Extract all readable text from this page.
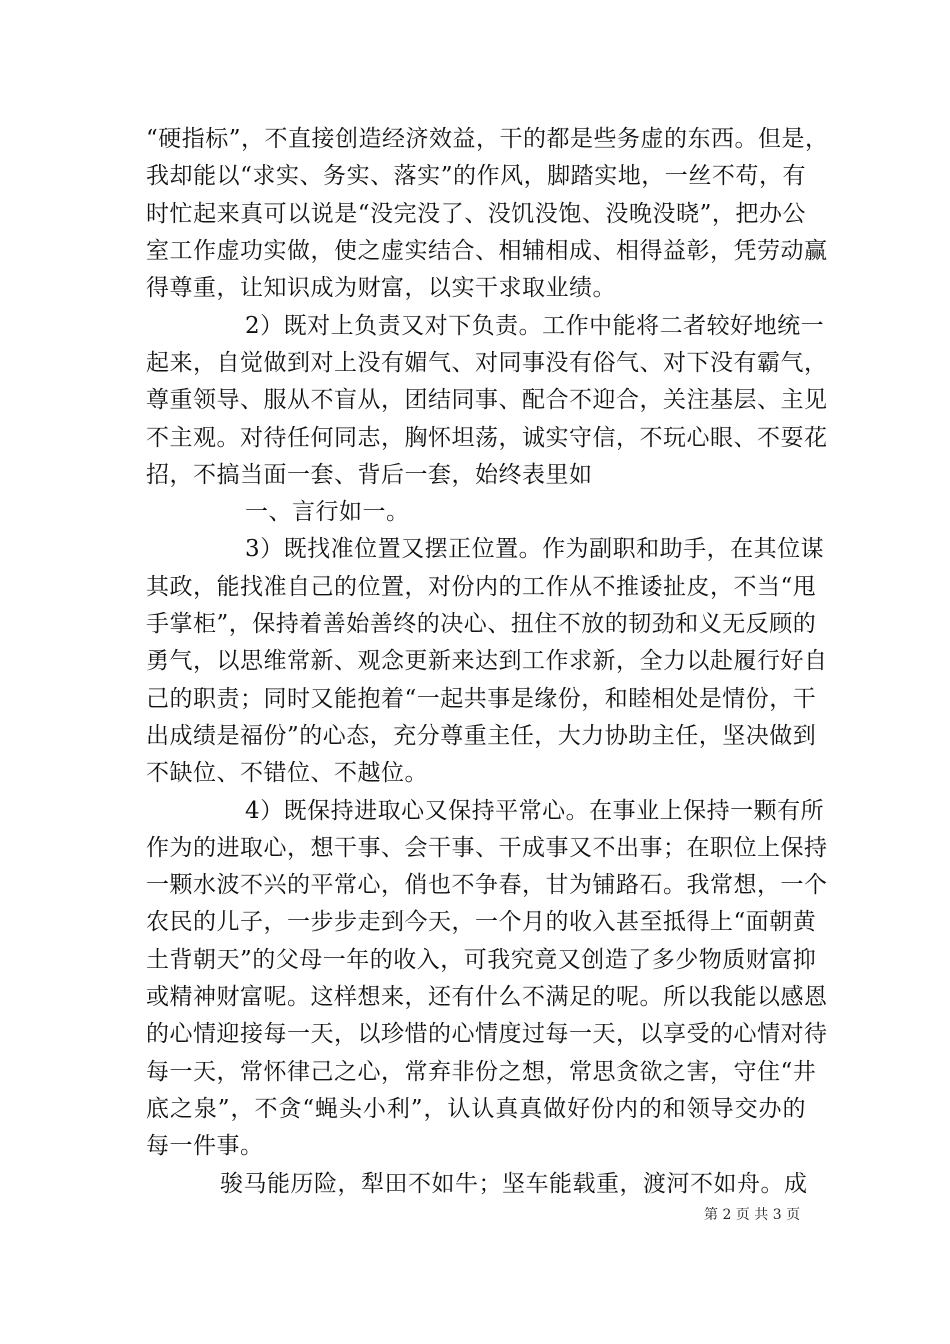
“硬指标”，不直接创造经济效益，干的都是些务虚的东西。但是，
我却能以“求实、务实、落实”的作风，脚踏实地，一丝不苟，有
时忙起来真可以说是“没完没了、没饥没饱、没晚没晓”，把办公
室工作虚功实做，使之虚实结合、相辅相成、相得益彰，凭劳动赢
得尊重，让知识成为财富，以实干求取业绩。
2）既对上负责又对下负责。工作中能将二者较好地统一
起来，自觉做到对上没有媚气、对同事没有俗气、对下没有霸气，
尊重领导、服从不盲从，团结同事、配合不迎合，关注基层、主见
不主观。对待任何同志，胸怀坦荡，诚实守信，不玩心眼、不耍花
招，不搞当面一套、背后一套，始终表里如
一、言行如一。
3）既找准位置又摆正位置。作为副职和助手，在其位谋
其政，能找准自己的位置，对份内的工作从不推诿扯皮，不当“甩
手掌柜”，保持着善始善终的决心、扭住不放的韧劲和义无反顾的
勇气，以思维常新、观念更新来达到工作求新，全力以赴履行好自
己的职责；同时又能抱着“一起共事是缘份，和睦相处是情份，干
出成绩是福份”的心态，充分尊重主任，大力协助主任，坚决做到
不缺位、不错位、不越位。
4）既保持进取心又保持平常心。在事业上保持一颗有所
作为的进取心，想干事、会干事、干成事又不出事；在职位上保持
一颗水波不兴的平常心，俏也不争春，甘为铺路石。我常想，一个
农民的儿子，一步步走到今天，一个月的收入甚至抵得上“面朝黄
土背朝天”的父母一年的收入，可我究竟又创造了多少物质财富抑
或精神财富呢。这样想来，还有什么不满足的呢。所以我能以感恩
的心情迎接每一天，以珍惜的心情度过每一天，以享受的心情对待
每一天，常怀律己之心，常弃非份之想，常思贪欲之害，守住“井
底之泉”，不贪“蝇头小利”，认认真真做好份内的和领导交办的
每一件事。
骏马能历险，犁田不如牛；坚车能载重，渡河不如舟。成
第 2 页 共 3 页
